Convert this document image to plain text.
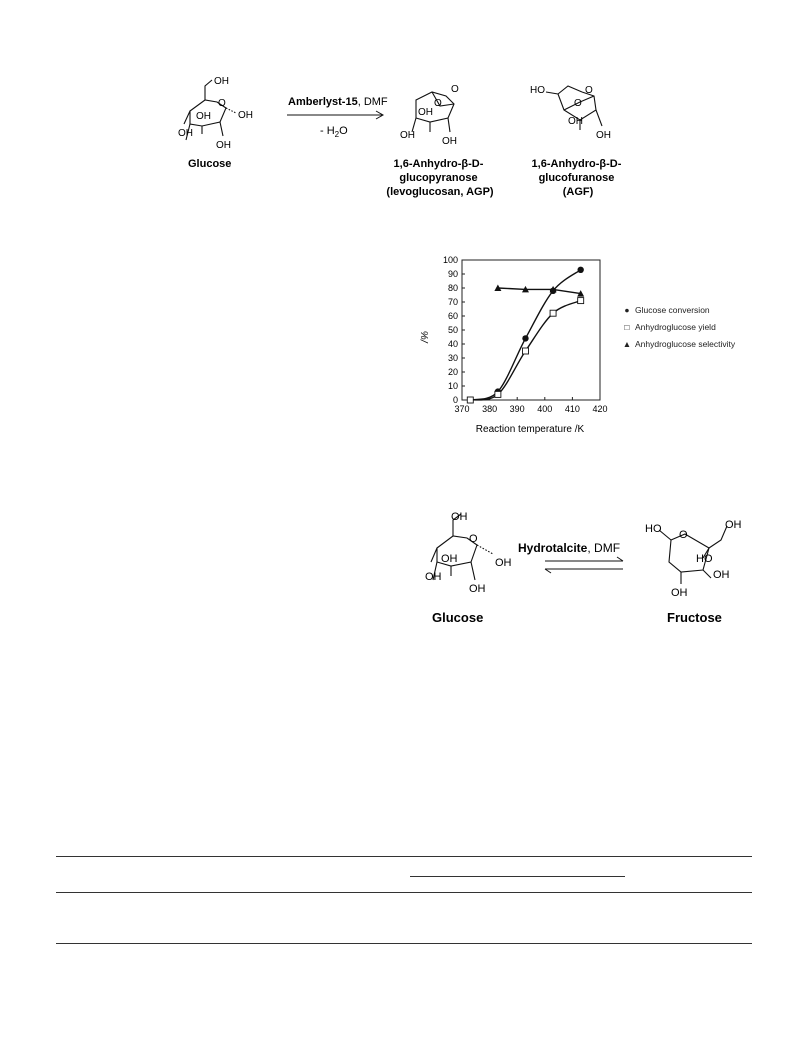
OH
O
OH
OH
OH
OH
Glucose
Amberlyst-15, DMF
- $H_2O$
O
O
OH
OH
OH
1,6-Anhydro-β-D- glucopyranose (levoglucosan, AGP)
HO	O
O
OH
OH
1,6-Anhydro-β-D- glucofuranose (AGF)
0
10
20
30
40
50
60
70
80
90
100
370 380 390 400 410 420
Reaction temperature /K
/%
● Glucose conversion
□ Anhydroglucose yield
▲ Anhydroglucose selectivity
OH
O
OH
OH
OH
OH
Glucose
Hydrotalcite, DMF
HO O
OH
HO
OH
OH
Fructose
